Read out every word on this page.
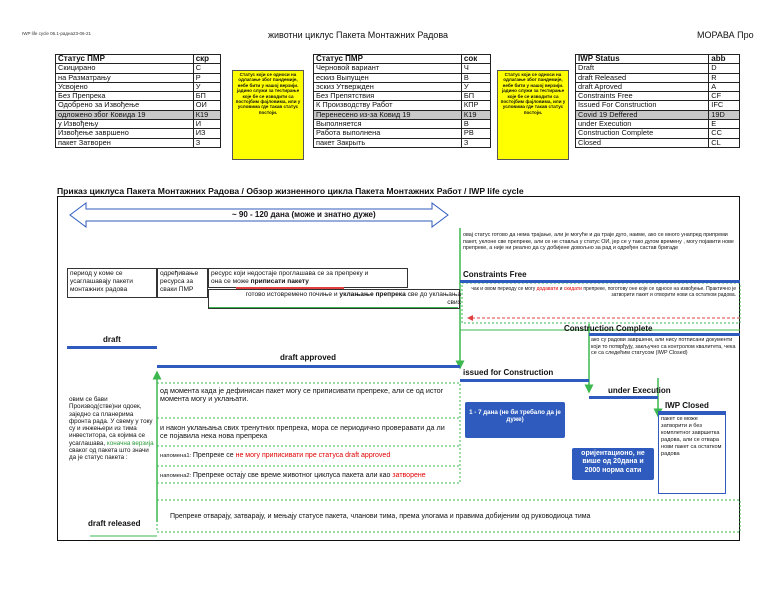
IWP life cycle 06.1-радна23-06-21	животни циклус Пакета Монтажних Радова	МОРАВА Про
Статус ПМР	скр
Скицирано	С
на Разматрању	Р
Усвојено	У
Без Препрека	БП
Одобрено за Извођење	ОИ
одложено због Ковида 19	К19
у Извођењу	И
Извођење завршено	ИЗ
пакет Затворен	З
Статус који се односи на одлагање због пандемије, небе бити у нашој верзији. јадино служи за тестирање које бе се изводити са постојбим фајловима, или у условима где такав статус постоји.
Статус ПМР	сок
Черновой вариант	Ч
ескиз Выпущен	В
эскиз Утвержден	У
Без Препятствия	БП
К Производству Работ	КПР
Перенесено из-за Ковид 19	К19
Выполняется	В
Работа выполнена	РВ
пакет Закрыть	З
Статус који се односи на одлагање због пандемије, небе бити у нашој верзији. јадино служи за тестирање које бе се изводити са постојбим фајловима, или у условима где такав статус постоји.
IWP Status	abb
Draft	D
draft Released	R
draft Aproved	A
Constraints Free	CF
Issued For Construction	IFC
Covid 19 Deffered	19D
under Execution	E
Construction Complete	CC
Closed	CL
Приказ циклуса Пакета Монтажних Радова / Обзор жизненного цикла Пакета Монтажних Работ / IWP life cycle
~ 90 - 120 дана (може и знатно дуже)
период у коме се усаглашавају пакети монтажних радова
одређивање ресурса за сваки ПМР
ресурс који недостаје проглашава се за препреку и
она се може приписати пакету
готово истовремено почиње и уклањање препрека све до уклањања свих
овај статус готово да нема трајање, али је могуће и да траје дуго, наиме, ако се много унапред припреми пакет, уклоне све препреке, али се не ставља у статус ОИ, јер се у тако дугом времену , могу појавити нове препреке, а није ни реално да су добијене довољно за рад и одређен састав бригаде
Constraints Free
чак и овом периоду се могу додавати и скидати препреке, поготову оне које се односе на извођење. Практично је затворити пакет и отворити нови са остатком радова.
Construction Complete
ако су радови завршени, али нису потписани документи који то потврђују, закључно са контролом квалитета, чека се са следећим статусом (IWP Closed)
draft
draft approved
issued for Construction
under Execution
IWP Closed
пакет се може затворити и без комплетног завршетка радова, али се отвара нови пакет са остатком радова
1 - 7 дана (не би требало да је дуже)
оријентационо, не више од 20дана и 2000 норма сати
овим се бави Производ(стве)ни одоек, заједно са планерима фронта рада. У свему у току су и инжењери из тима инвеститора, са којима се усаглашава, коначна верзија сваког од пакета што значи да је статус пакета :
draft released
од момента када је дефинисан пакет могу се приписивати препреке, али се од истог момента могу и уклањати.
и након уклањања свих тренутних препрека, мора се периодично проверавати да ли се појавила нека нова препрека
напомена1: Препреке се не могу приписивати пре статуса draft approved
напомена2: Препреке остају све време животног циклуса пакета али као затворене
Препреке отварају, затварају, и мењају статусе пакета, чланови тима, према улогама и правима добијеним од руководиоца тима
